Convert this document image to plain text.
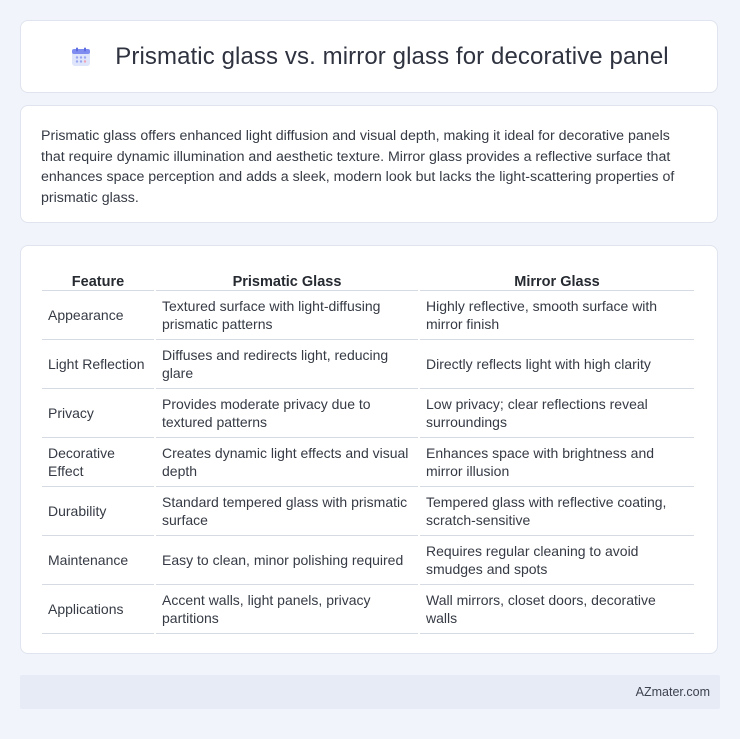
Prismatic glass vs. mirror glass for decorative panel

Prismatic glass offers enhanced light diffusion and visual depth, making it ideal for decorative panels that require dynamic illumination and aesthetic texture. Mirror glass provides a reflective surface that enhances space perception and adds a sleek, modern look but lacks the light-scattering properties of prismatic glass.

Feature	Prismatic Glass	Mirror Glass
Appearance	Textured surface with light-diffusing prismatic patterns	Highly reflective, smooth surface with mirror finish
Light Reflection	Diffuses and redirects light, reducing glare	Directly reflects light with high clarity
Privacy	Provides moderate privacy due to textured patterns	Low privacy; clear reflections reveal surroundings
Decorative Effect	Creates dynamic light effects and visual depth	Enhances space with brightness and mirror illusion
Durability	Standard tempered glass with prismatic surface	Tempered glass with reflective coating, scratch-sensitive
Maintenance	Easy to clean, minor polishing required	Requires regular cleaning to avoid smudges and spots
Applications	Accent walls, light panels, privacy partitions	Wall mirrors, closet doors, decorative walls
AZmater.com
